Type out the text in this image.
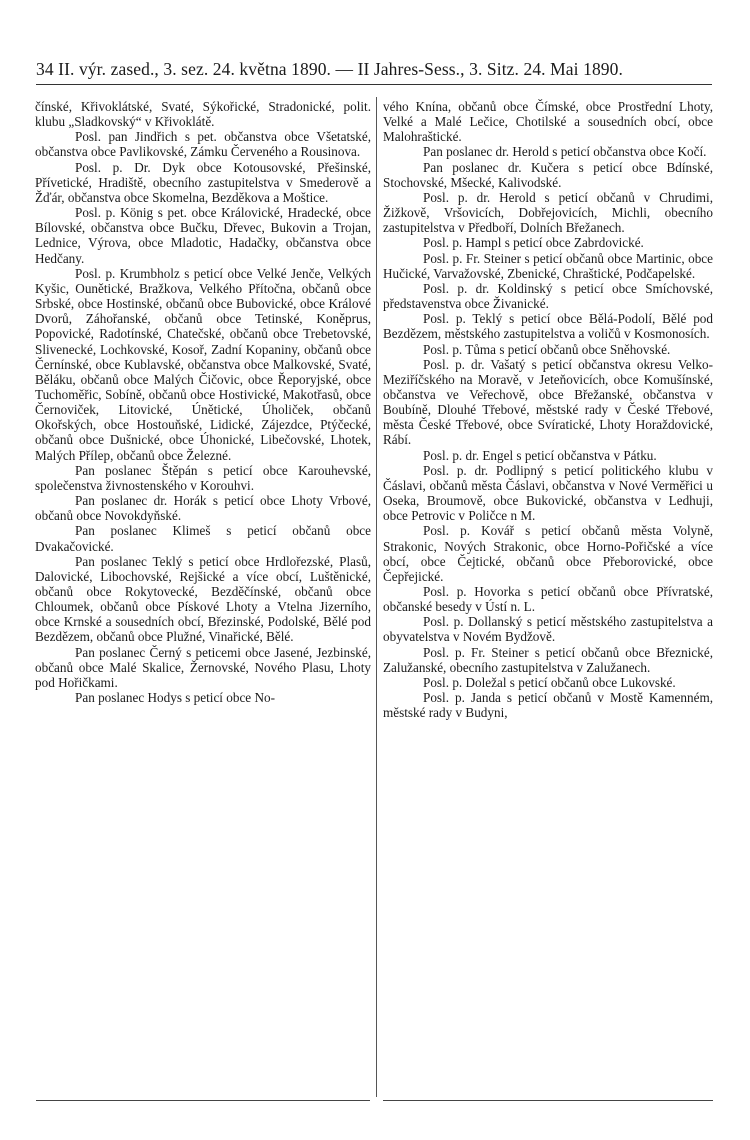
34 II. výr. zased., 3. sez. 24. května 1890. — II Jahres-Sess., 3. Sitz. 24. Mai 1890.

čínské, Křivoklátské, Svaté, Sýkořické, Stradonické, polit. klubu „Sladkovský“ v Křivoklátě.

Posl. pan Jindřich s pet. občanstva obce Všetatské, občanstva obce Pavlikovské, Zámku Červeného a Rousinova.

Posl. p. Dr. Dyk obce Kotousovské, Přešinské, Přívetické, Hradiště, obecního zastupitelstva v Smederově a Žďár, občanstva obce Skomelna, Bezděkova a Moštice.

Posl. p. König s pet. obce Královické, Hradecké, obce Bílovské, občanstva obce Bučku, Dřevec, Bukovin a Trojan, Lednice, Výrova, obce Mladotic, Hadačky, občanstva obce Hedčany.

Posl. p. Krumbholz s peticí obce Velké Jenče, Velkých Kyšic, Ounětické, Bražkova, Velkého Přítočna, občanů obce Srbské, obce Hostinské, občanů obce Bubovické, obce Králové Dvorů, Záhořanské, občanů obce Tetinské, Koněprus, Popovické, Radotínské, Chatečské, občanů obce Trebetovské, Slivenecké, Lochkovské, Kosoř, Zadní Kopaniny, občanů obce Černínské, obce Kublavské, občanstva obce Malkovské, Svaté, Běláku, občanů obce Malých Čičovic, obce Řeporyjské, obce Tuchoměřic, Sobíně, občanů obce Hostivické, Makotřasů, obce Černoviček, Litovické, Únětické, Úholiček, občanů Okořských, obce Hostouňské, Lidické, Zájezdce, Ptýčecké, občanů obce Dušnické, obce Úhonické, Libečovské, Lhotek, Malých Přílep, občanů obce Železné.

Pan poslanec Štěpán s peticí obce Karouhevské, společenstva živnostenského v Korouhvi.

Pan poslanec dr. Horák s peticí obce Lhoty Vrbové, občanů obce Novokdyňské.

Pan poslanec Klimeš s peticí občanů obce Dvakačovické.

Pan poslanec Teklý s peticí obce Hrdlořezské, Plasů, Dalovické, Libochovské, Rejšické a více obcí, Luštěnické, občanů obce Rokytovecké, Bezděčínské, občanů obce Chloumek, občanů obce Pískové Lhoty a Vtelna Jizerního, obce Krnské a sousedních obcí, Březinské, Podolské, Bělé pod Bezdězem, občanů obce Plužné, Vinařické, Bělé.

Pan poslanec Černý s peticemi obce Jasené, Jezbinské, občanů obce Malé Skalice, Žernovské, Nového Plasu, Lhoty pod Hořičkami.

Pan poslanec Hodys s peticí obce No-

vého Knína, občanů obce Čímské, obce Prostřední Lhoty, Velké a Malé Lečice, Chotilské a sousedních obcí, obce Malohraštické.

Pan poslanec dr. Herold s peticí občanstva obce Kočí.

Pan poslanec dr. Kučera s peticí obce Bdínské, Stochovské, Mšecké, Kalivodské.

Posl. p. dr. Herold s peticí občanů v Chrudimi, Žižkově, Vršovicích, Dobřejovicích, Michli, obecního zastupitelstva v Předboří, Dolních Břežanech.

Posl. p. Hampl s peticí obce Zabrdovické.

Posl. p. Fr. Steiner s peticí občanů obce Martinic, obce Hučické, Varvažovské, Zbenické, Chraštické, Podčapelské.

Posl. p. dr. Koldinský s peticí obce Smíchovské, představenstva obce Živanické.

Posl. p. Teklý s peticí obce Bělá-Podolí, Bělé pod Bezdězem, městského zastupitelstva a voličů v Kosmonosích.

Posl. p. Tůma s peticí občanů obce Sněhovské.

Posl. p. dr. Vašatý s peticí občanstva okresu Velko-Meziříčského na Moravě, v Jeteňovicích, obce Komušínské, občanstva ve Veřechově, obce Břežanské, občanstva v Boubíně, Dlouhé Třebové, městské rady v České Třebové, města České Třebové, obce Svíratické, Lhoty Horaždovické, Rábí.

Posl. p. dr. Engel s peticí občanstva v Pátku.

Posl. p. dr. Podlipný s peticí politického klubu v Čáslavi, občanů města Čáslavi, občanstva v Nové Verměřici u Oseka, Broumově, obce Bukovické, občanstva v Ledhuji, obce Petrovic v Poličce n M.

Posl. p. Kovář s peticí občanů města Volyně, Strakonic, Nových Strakonic, obce Horno-Pořičské a více obcí, obce Čejtické, občanů obce Přeborovické, obce Čepřejické.

Posl. p. Hovorka s peticí občanů obce Přívratské, občanské besedy v Ústí n. L.

Posl. p. Dollanský s peticí městského zastupitelstva a obyvatelstva v Novém Bydžově.

Posl. p. Fr. Steiner s peticí občanů obce Březnické, Zalužanské, obecního zastupitelstva v Zalužanech.

Posl. p. Doležal s peticí občanů obce Lukovské.

Posl. p. Janda s peticí občanů v Mostě Kamenném, městské rady v Budyni,
